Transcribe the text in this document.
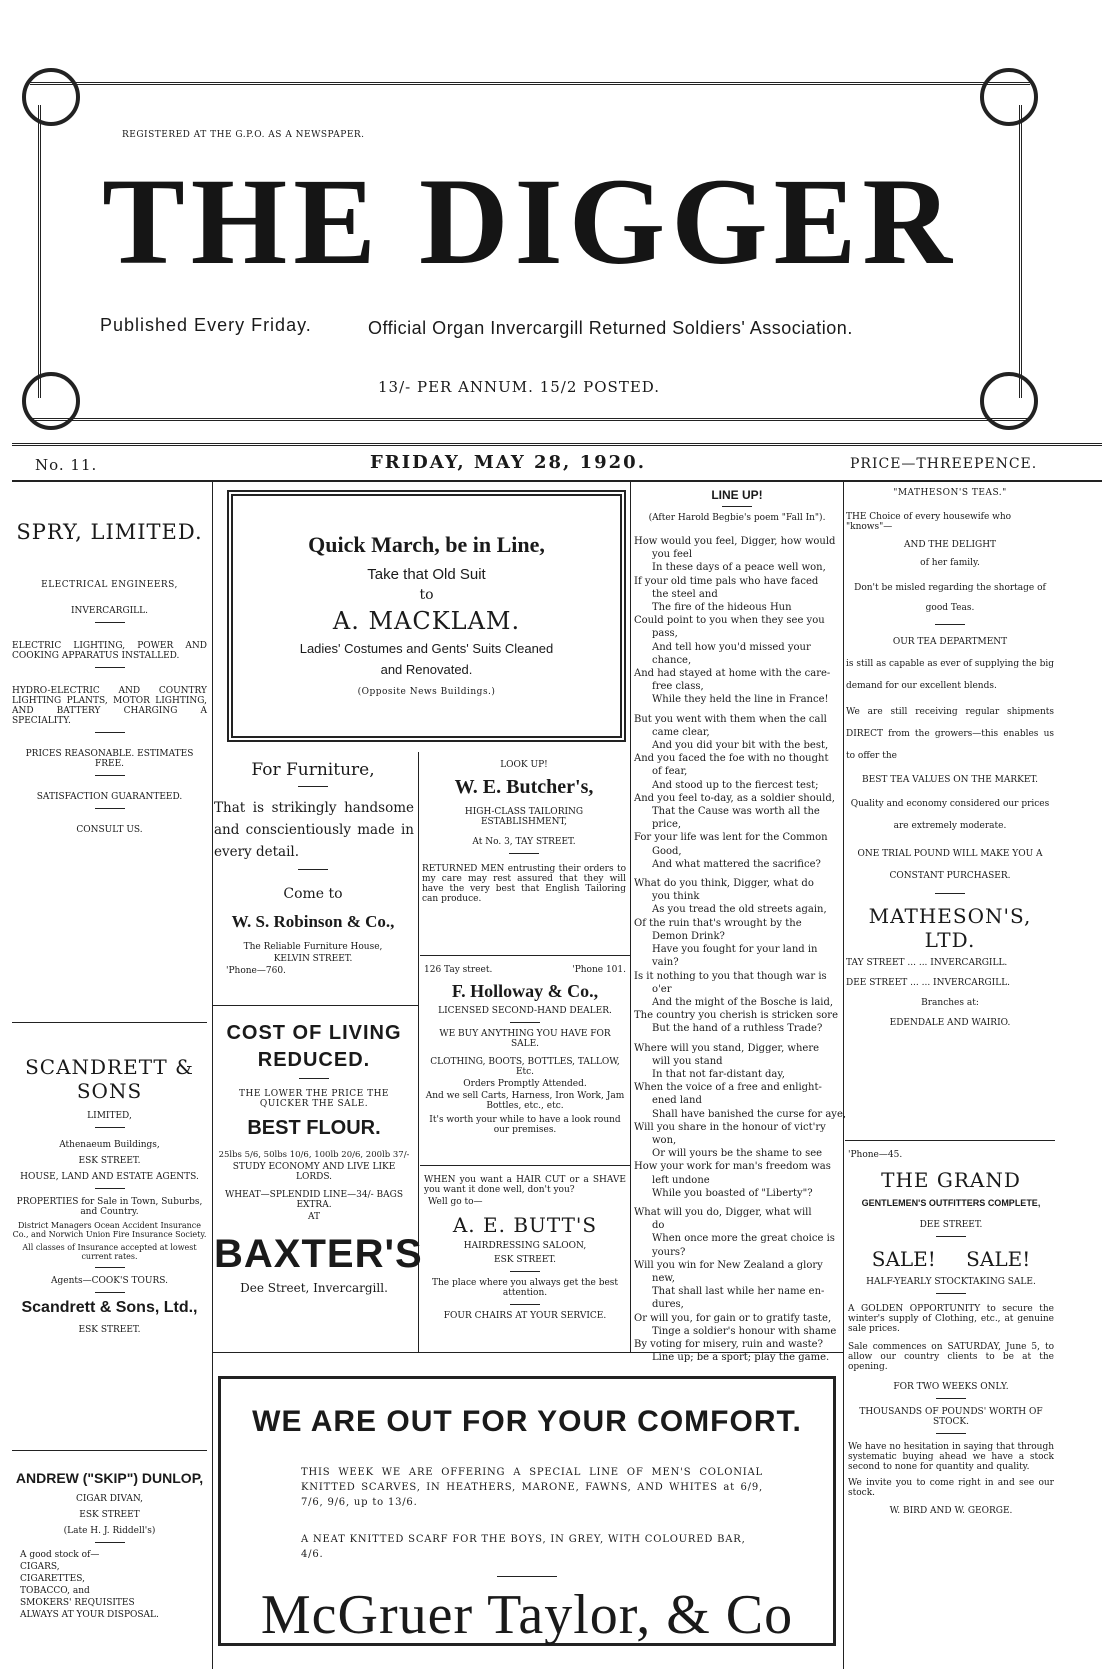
REGISTERED AT THE G.P.O. AS A NEWSPAPER.
THE DIGGER
Published Every Friday.	Official Organ Invercargill Returned Soldiers' Association.
13/- PER ANNUM. 15/2 POSTED.
No. 11.	FRIDAY, MAY 28, 1920.	PRICE—THREEPENCE.

SPRY, LIMITED.

ELECTRICAL ENGINEERS,

INVERCARGILL.

ELECTRIC LIGHTING, POWER AND COOKING APPARATUS INSTALLED.

HYDRO-ELECTRIC AND COUNTRY LIGHTING PLANTS, MOTOR LIGHTING, AND BATTERY CHARGING A SPECIALITY.

PRICES REASONABLE. ESTIMATES FREE.

SATISFACTION GUARANTEED.

CONSULT US.

SCANDRETT & SONS

LIMITED,

Athenaeum Buildings,

ESK STREET.

HOUSE, LAND AND ESTATE AGENTS.

PROPERTIES for Sale in Town, Suburbs, and Country.

District Managers Ocean Accident Insurance Co., and Norwich Union Fire Insurance Society.

All classes of Insurance accepted at lowest current rates.

Agents—COOK'S TOURS.

Scandrett & Sons, Ltd.,

ESK STREET.

ANDREW ("SKIP") DUNLOP,

CIGAR DIVAN,

ESK STREET

(Late H. J. Riddell's)

A good stock of—

CIGARS,

CIGARETTES,

TOBACCO, and

SMOKERS' REQUISITES

ALWAYS AT YOUR DISPOSAL.

Quick March, be in Line,
Take that Old Suit
to
A. MACKLAM.
Ladies' Costumes and Gents' Suits Cleaned
and Renovated.
(Opposite News Buildings.)

For Furniture,

That is strikingly handsome and conscientiously made in every detail.

Come to

W. S. Robinson & Co.,

The Reliable Furniture House,

KELVIN STREET.

'Phone—760.

COST OF LIVING

REDUCED.

THE LOWER THE PRICE THE QUICKER THE SALE.

BEST FLOUR.

25lbs 5/6, 50lbs 10/6, 100lb 20/6, 200lb 37/-

STUDY ECONOMY AND LIVE LIKE LORDS.

WHEAT—SPLENDID LINE—34/- BAGS EXTRA.

AT

BAXTER'S

Dee Street, Invercargill.

LOOK UP!

W. E. Butcher's,

HIGH-CLASS TAILORING ESTABLISHMENT,

At No. 3, TAY STREET.

RETURNED MEN entrusting their orders to my care may rest assured that they will have the very best that English Tailoring can produce.

126 Tay street.	'Phone 101.

F. Holloway & Co.,

LICENSED SECOND-HAND DEALER.

WE BUY ANYTHING YOU HAVE FOR SALE.

CLOTHING, BOOTS, BOTTLES, TALLOW, Etc.

Orders Promptly Attended.

And we sell Carts, Harness, Iron Work, Jam Bottles, etc., etc.

It's worth your while to have a look round our premises.

WHEN you want a HAIR CUT or a SHAVE you want it done well, don't you?

Well go to—

A. E. BUTT'S

HAIRDRESSING SALOON,

ESK STREET.

The place where you always get the best attention.

FOUR CHAIRS AT YOUR SERVICE.

LINE UP!

(After Harold Begbie's poem "Fall In").

How would you feel, Digger, how would
you feel
In these days of a peace well won,
If your old time pals who have faced
the steel and
The fire of the hideous Hun
Could point to you when they see you
pass,
And tell how you'd missed your
chance,
And had stayed at home with the care-
free class,
While they held the line in France!

But you went with them when the call
came clear,
And you did your bit with the best,
And you faced the foe with no thought
of fear,
And stood up to the fiercest test;
And you feel to-day, as a soldier should,
That the Cause was worth all the
price,
For your life was lent for the Common
Good,
And what mattered the sacrifice?

What do you think, Digger, what do
you think
As you tread the old streets again,
Of the ruin that's wrought by the
Demon Drink?
Have you fought for your land in
vain?
Is it nothing to you that though war is
o'er
And the might of the Bosche is laid,
The country you cherish is stricken sore
But the hand of a ruthless Trade?

Where will you stand, Digger, where
will you stand
In that not far-distant day,
When the voice of a free and enlight-
ened land
Shall have banished the curse for aye,
Will you share in the honour of vict'ry
won,
Or will yours be the shame to see
How your work for man's freedom was
left undone
While you boasted of "Liberty"?

What will you do, Digger, what will
do
When once more the great choice is
yours?
Will you win for New Zealand a glory
new,
That shall last while her name en-
dures,
Or will you, for gain or to gratify taste,
Tinge a soldier's honour with shame
By voting for misery, ruin and waste?
Line up; be a sport; play the game.

"MATHESON'S TEAS."

THE Choice of every housewife who "knows"—

AND THE DELIGHT

of her family.

Don't be misled regarding the shortage of good Teas.

OUR TEA DEPARTMENT

is still as capable as ever of supplying the big demand for our excellent blends.

We are still receiving regular shipments DIRECT from the growers—this enables us to offer the

BEST TEA VALUES ON THE MARKET.

Quality and economy considered our prices are extremely moderate.

ONE TRIAL POUND WILL MAKE YOU A CONSTANT PURCHASER.

MATHESON'S, LTD.

TAY STREET ... ... INVERCARGILL.

DEE STREET ... ... INVERCARGILL.

Branches at:

EDENDALE AND WAIRIO.

'Phone—45.

THE GRAND

GENTLEMEN'S OUTFITTERS COMPLETE,

DEE STREET.

SALE! SALE!

HALF-YEARLY STOCKTAKING SALE.

A GOLDEN OPPORTUNITY to secure the winter's supply of Clothing, etc., at genuine sale prices.

Sale commences on SATURDAY, June 5, to allow our country clients to be at the opening.

FOR TWO WEEKS ONLY.

THOUSANDS OF POUNDS' WORTH OF STOCK.

We have no hesitation in saying that through systematic buying ahead we have a stock second to none for quantity and quality.

We invite you to come right in and see our stock.

W. BIRD AND W. GEORGE.

WE ARE OUT FOR YOUR COMFORT.
THIS WEEK WE ARE OFFERING A SPECIAL LINE OF MEN'S COLONIAL KNITTED SCARVES, IN HEATHERS, MARONE, FAWNS, AND WHITES at 6/9, 7/6, 9/6, up to 13/6.
A NEAT KNITTED SCARF FOR THE BOYS, IN GREY, WITH COLOURED BAR, 4/6.
McGruer Taylor, & Co
